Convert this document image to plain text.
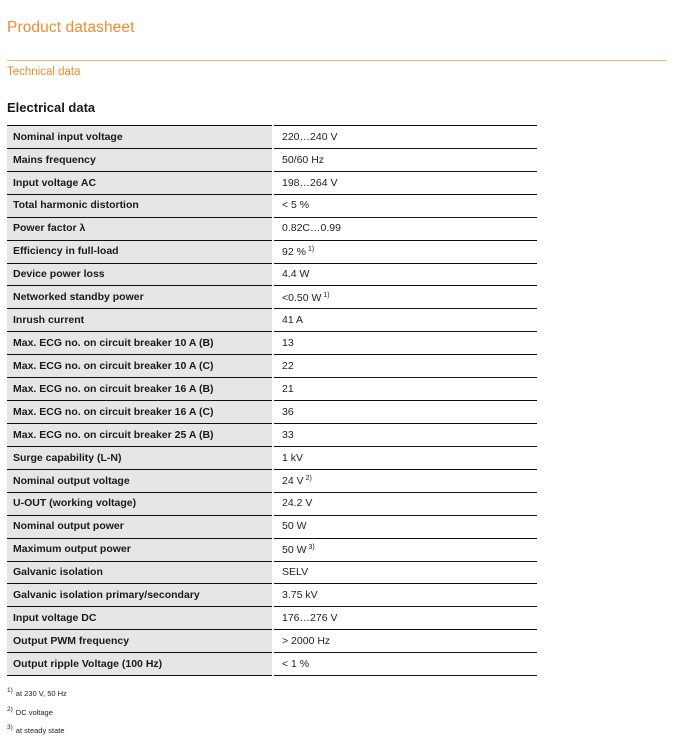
Product datasheet
Technical data
Electrical data
Nominal input voltage	220…240 V
Mains frequency	50/60 Hz
Input voltage AC	198…264 V
Total harmonic distortion	< 5 %
Power factor λ	0.82C…0.99
Efficiency in full-load	92 % $^{1)}$
Device power loss	4.4 W
Networked standby power	<0.50 W $^{1)}$
Inrush current	41 A
Max. ECG no. on circuit breaker 10 A (B)	13
Max. ECG no. on circuit breaker 10 A (C)	22
Max. ECG no. on circuit breaker 16 A (B)	21
Max. ECG no. on circuit breaker 16 A (C)	36
Max. ECG no. on circuit breaker 25 A (B)	33
Surge capability (L-N)	1 kV
Nominal output voltage	24 V $^{2)}$
U-OUT (working voltage)	24.2 V
Nominal output power	50 W
Maximum output power	50 W $^{3)}$
Galvanic isolation	SELV
Galvanic isolation primary/secondary	3.75 kV
Input voltage DC	176…276 V
Output PWM frequency	> 2000 Hz
Output ripple Voltage (100 Hz)	< 1 %
$^{1)}$ at 230 V, 50 Hz
$^{2)}$ DC voltage
$^{3)}$ at steady state
